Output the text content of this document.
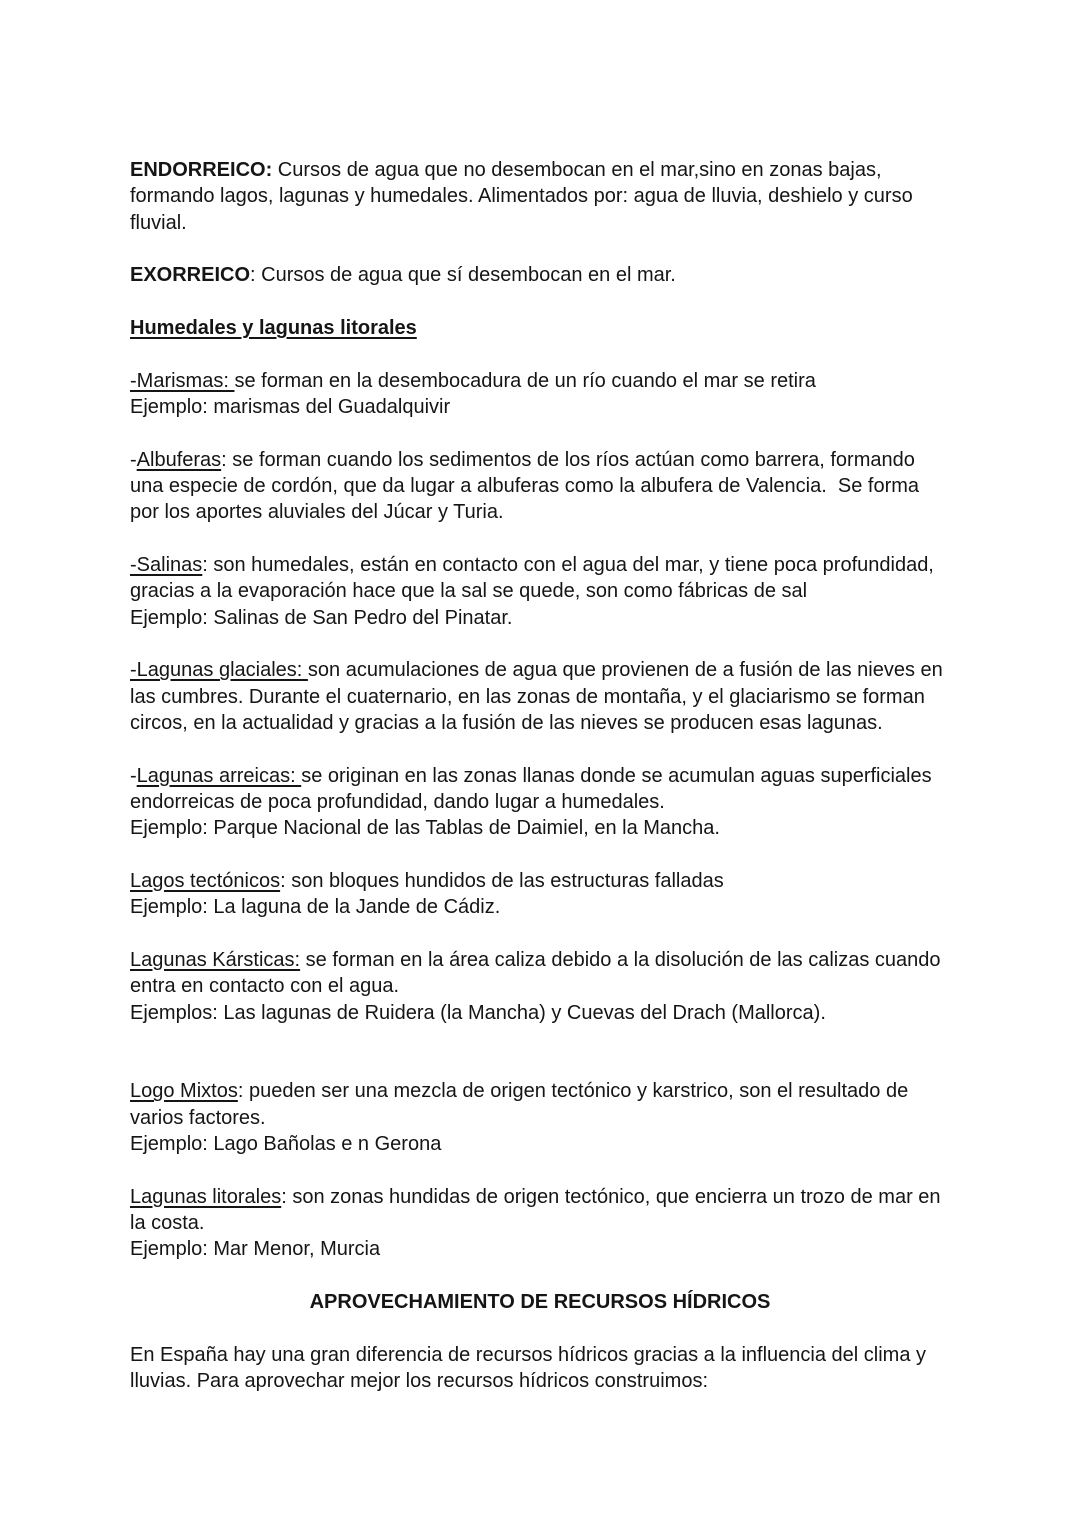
ENDORREICO: Cursos de agua que no desembocan en el mar,sino en zonas bajas,
formando lagos, lagunas y humedales. Alimentados por: agua de lluvia, deshielo y curso
fluvial.
EXORREICO: Cursos de agua que sí desembocan en el mar.
Humedales y lagunas litorales
-Marismas: se forman en la desembocadura de un río cuando el mar se retira
Ejemplo: marismas del Guadalquivir
-Albuferas: se forman cuando los sedimentos de los ríos actúan como barrera, formando
una especie de cordón, que da lugar a albuferas como la albufera de Valencia.  Se forma
por los aportes aluviales del Júcar y Turia.
-Salinas: son humedales, están en contacto con el agua del mar, y tiene poca profundidad,
gracias a la evaporación hace que la sal se quede, son como fábricas de sal
Ejemplo: Salinas de San Pedro del Pinatar.
-Lagunas glaciales: son acumulaciones de agua que provienen de a fusión de las nieves en
las cumbres. Durante el cuaternario, en las zonas de montaña, y el glaciarismo se forman
circos, en la actualidad y gracias a la fusión de las nieves se producen esas lagunas.
-Lagunas arreicas: se originan en las zonas llanas donde se acumulan aguas superficiales
endorreicas de poca profundidad, dando lugar a humedales.
Ejemplo: Parque Nacional de las Tablas de Daimiel, en la Mancha.
Lagos tectónicos: son bloques hundidos de las estructuras falladas
Ejemplo: La laguna de la Jande de Cádiz.
Lagunas Kársticas: se forman en la área caliza debido a la disolución de las calizas cuando
entra en contacto con el agua.
Ejemplos: Las lagunas de Ruidera (la Mancha) y Cuevas del Drach (Mallorca).
Logo Mixtos: pueden ser una mezcla de origen tectónico y karstrico, son el resultado de
varios factores.
Ejemplo: Lago Bañolas e n Gerona
Lagunas litorales: son zonas hundidas de origen tectónico, que encierra un trozo de mar en
la costa.
Ejemplo: Mar Menor, Murcia
APROVECHAMIENTO DE RECURSOS HÍDRICOS
En España hay una gran diferencia de recursos hídricos gracias a la influencia del clima y
lluvias. Para aprovechar mejor los recursos hídricos construimos:
